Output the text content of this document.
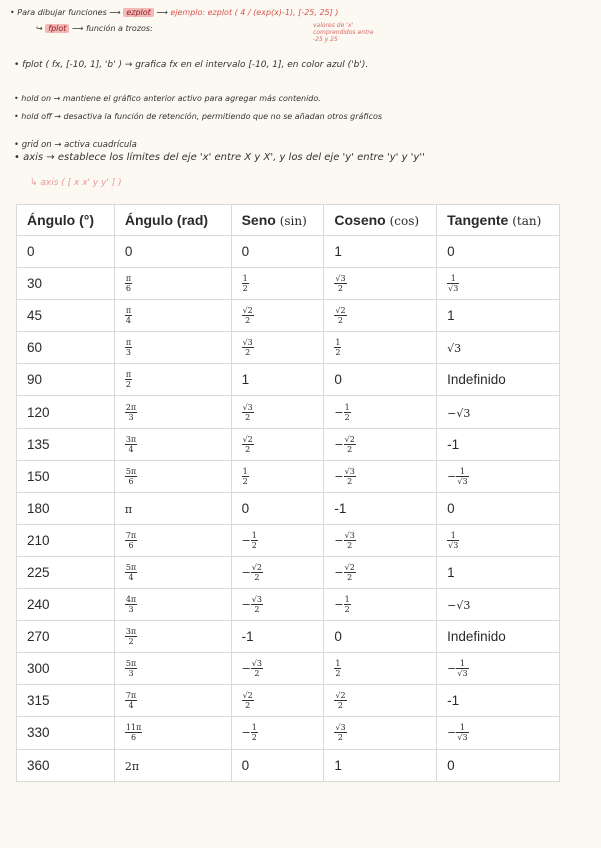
• Para dibujar funciones ⟶ ezplot ⟶ ejemplo: ezplot ( 4 / (exp(x)-1), [-25, 25] )
valores de 'x' comprendidos entre -25 y 25
↪ fplot ⟶ función a trozos:
• fplot ( fx, [-10, 1], 'b' ) → grafica fx en el intervalo [-10, 1], en color azul ('b').
• hold on → mantiene el gráfico anterior activo para agregar más contenido.
• hold off → desactiva la función de retención, permitiendo que no se añadan otros gráficos
• grid on → activa cuadrícula
• axis → establece los límites del eje 'x' entre X y X', y los del eje 'y' entre 'y' y 'y''
↳ axis ( [ x x' y y' ] )
Ángulo (°)	Ángulo (rad)	Seno (sin)	Coseno (cos)	Tangente (tan)
0	0	0	1	0
30	$\frac{\pi}{6}$	$\frac{1}{2}$	$\frac{√3}{2}$	$\frac{1}{√3}$

45	$\frac{\pi}{4}$	$\frac{√2}{2}$	$\frac{√2}{2}$	1
60	$\frac{\pi}{3}$	$\frac{√3}{2}$	$\frac{1}{2}$	√3
90	$\frac{\pi}{2}$	1	0	Indefinido
120	$\frac{2\pi}{3}$	$\frac{√3}{2}$	− $\frac{1}{2}$	−√3
135	$\frac{3\pi}{4}$	$\frac{√2}{2}$	− $\frac{√2}{2}$	-1
150	$\frac{5\pi}{6}$	$\frac{1}{2}$	− $\frac{√3}{2}$	− $\frac{1}{√3}$

180	π	0	-1	0
210	$\frac{7\pi}{6}$	− $\frac{1}{2}$	− $\frac{√3}{2}$	$\frac{1}{√3}$

225	$\frac{5\pi}{4}$	− $\frac{√2}{2}$	− $\frac{√2}{2}$	1
240	$\frac{4\pi}{3}$	− $\frac{√3}{2}$	− $\frac{1}{2}$	−√3
270	$\frac{3\pi}{2}$	-1	0	Indefinido
300	$\frac{5\pi}{3}$	− $\frac{√3}{2}$	$\frac{1}{2}$	− $\frac{1}{√3}$

315	$\frac{7\pi}{4}$	$\frac{√2}{2}$	$\frac{√2}{2}$	-1
330	$\frac{11\pi}{6}$	− $\frac{1}{2}$	$\frac{√3}{2}$	− $\frac{1}{√3}$

360	2π	0	1	0
